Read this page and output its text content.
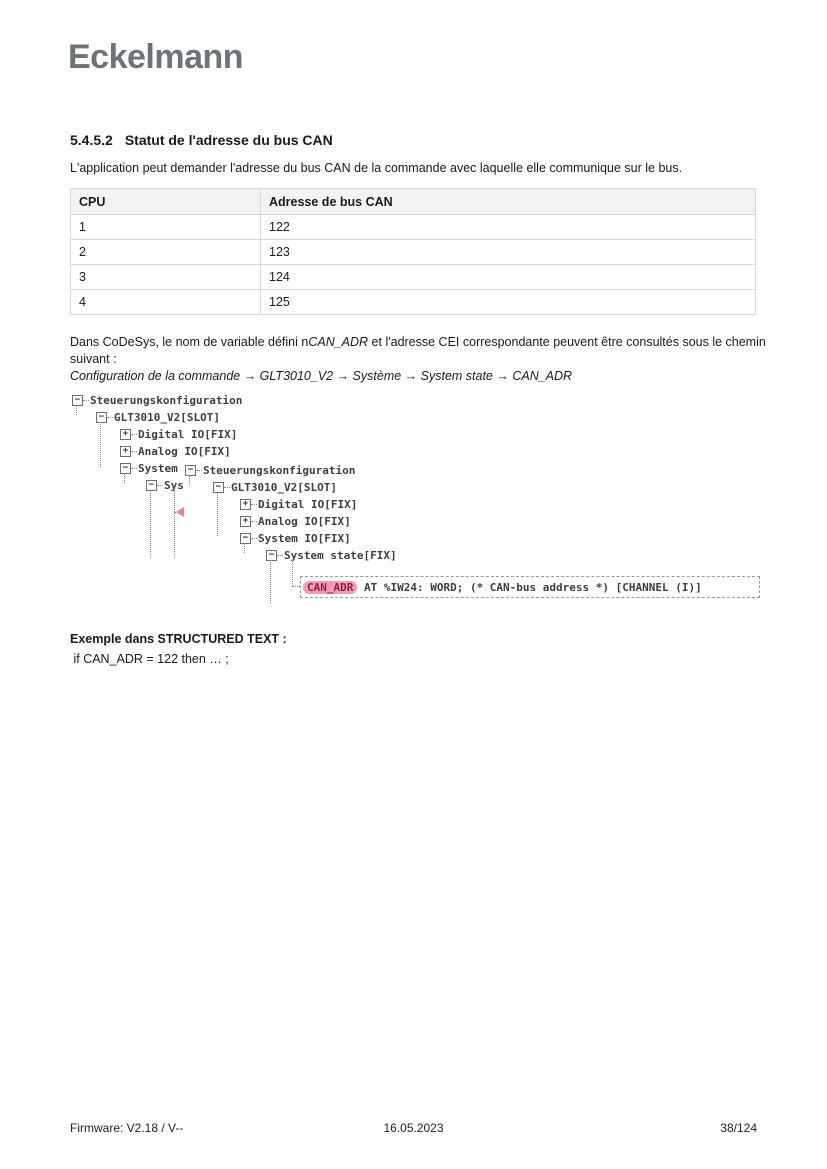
Eckelmann
5.4.5.2 Statut de l'adresse du bus CAN
L'application peut demander l'adresse du bus CAN de la commande avec laquelle elle communique sur le bus.
CPU	Adresse de bus CAN
1	122
2	123
3	124
4	125
Dans CoDeSys, le nom de variable défini nCAN_ADR et l'adresse CEI correspondante peuvent être consultés sous le chemin suivant :
Configuration de la commande → GLT3010_V2 → Système → System state → CAN_ADR
− Steuerungskonfiguration
− GLT3010_V2[SLOT]
+ Digital IO[FIX]
+ Analog IO[FIX]
− System
− Sys
− Steuerungskonfiguration
− GLT3010_V2[SLOT]
+ Digital IO[FIX]
+ Analog IO[FIX]
− System IO[FIX]
− System state[FIX]
CAN_ADR AT %IW24: WORD; (* CAN-bus address *) [CHANNEL (I)]
Exemple dans STRUCTURED TEXT :
if CAN_ADR = 122 then … ;
Firmware: V2.18 / V--	16.05.2023	38/124
